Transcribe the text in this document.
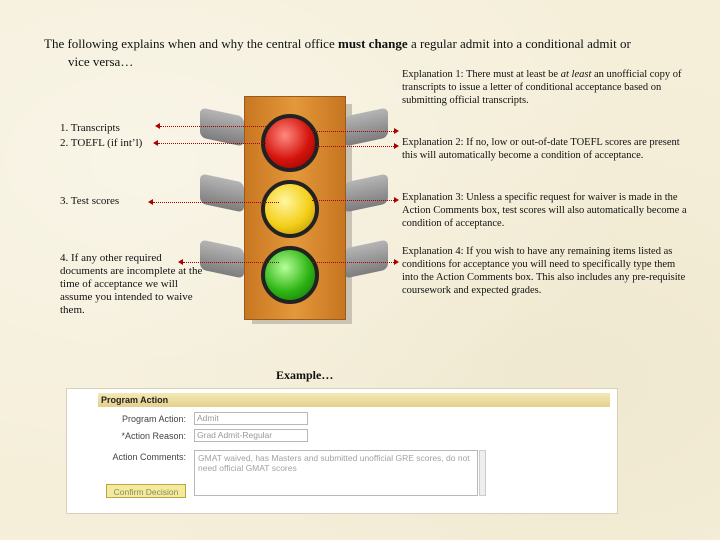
The following explains when and why the central office must change a regular admit into a conditional admit or
vice versa…
1. Transcripts
2. TOEFL (if int’l)
3. Test scores
4. If any other required documents are incomplete at the time of acceptance we will assume you intended to waive them.
Explanation 1: There must at least be at least an unofficial copy of transcripts to issue a letter of conditional acceptance based on submitting official transcripts.
Explanation 2: If no, low or out-of-date TOEFL scores are present this will automatically become a condition of acceptance.
Explanation 3: Unless a specific request for waiver is made in the Action Comments box, test scores will also automatically become a condition of acceptance.
Explanation 4: If you wish to have any remaining items listed as conditions for acceptance you will need to specifically type them into the Action Comments box. This also includes any pre-requisite coursework and expected grades.
Example…
Program Action
Program Action:	Admit
*Action Reason:	Grad Admit-Regular
Action Comments:	GMAT waived, has Masters and submitted unofficial GRE scores, do not need official GMAT scores
Confirm Decision
